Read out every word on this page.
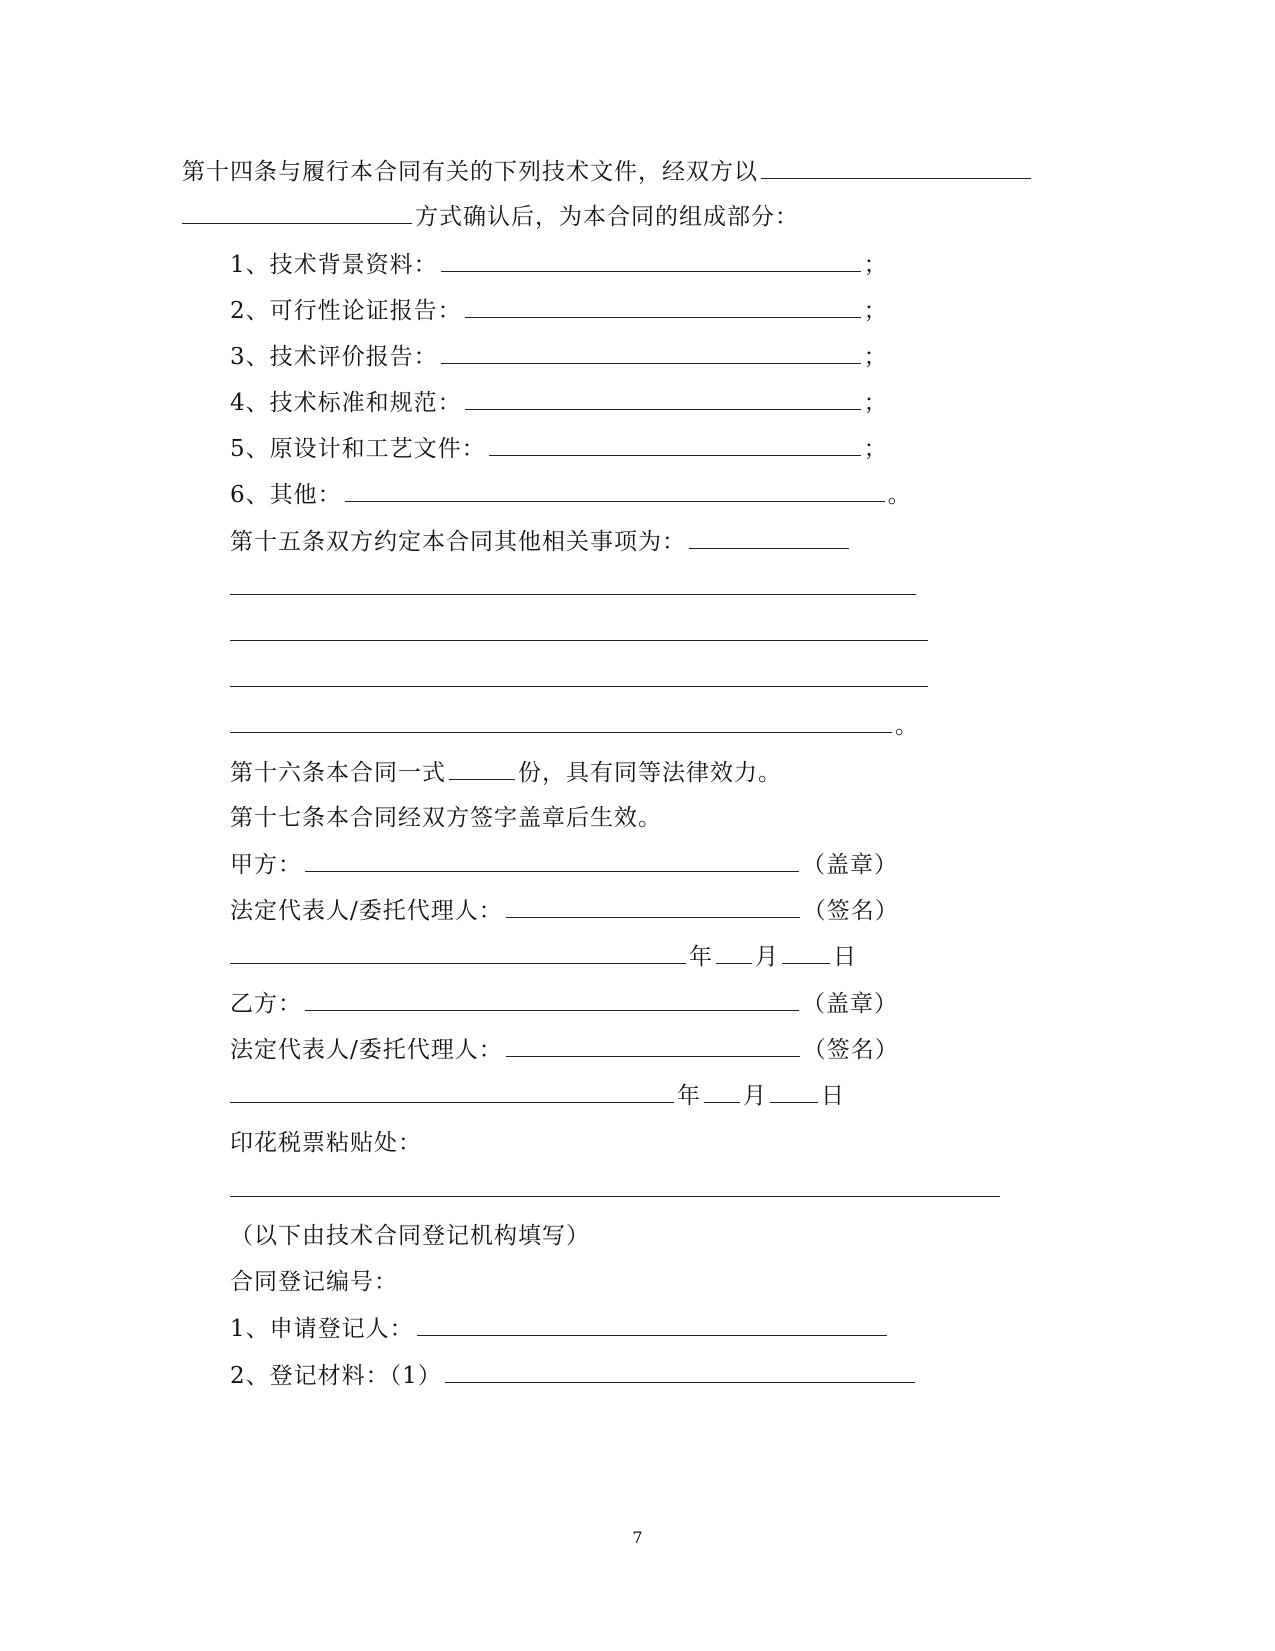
第十四条与履行本合同有关的下列技术文件，经双方以
方式确认后，为本合同的组成部分：
1、技术背景资料：	；
2、可行性论证报告：	；
3、技术评价报告：	；
4、技术标准和规范：	；
5、原设计和工艺文件：	；
6、其他：	。
第十五条双方约定本合同其他相关事项为：
。
第十六条本合同一式	份，具有同等法律效力。
第十七条本合同经双方签字盖章后生效。
甲方：	（盖章）
法定代表人/委托代理人：	（签名）
年 月 日
乙方：	（盖章）
法定代表人/委托代理人：	（签名）
年 月 日
印花税票粘贴处：
（以下由技术合同登记机构填写）
合同登记编号：
1、申请登记人：
2、登记材料：（1）
7
